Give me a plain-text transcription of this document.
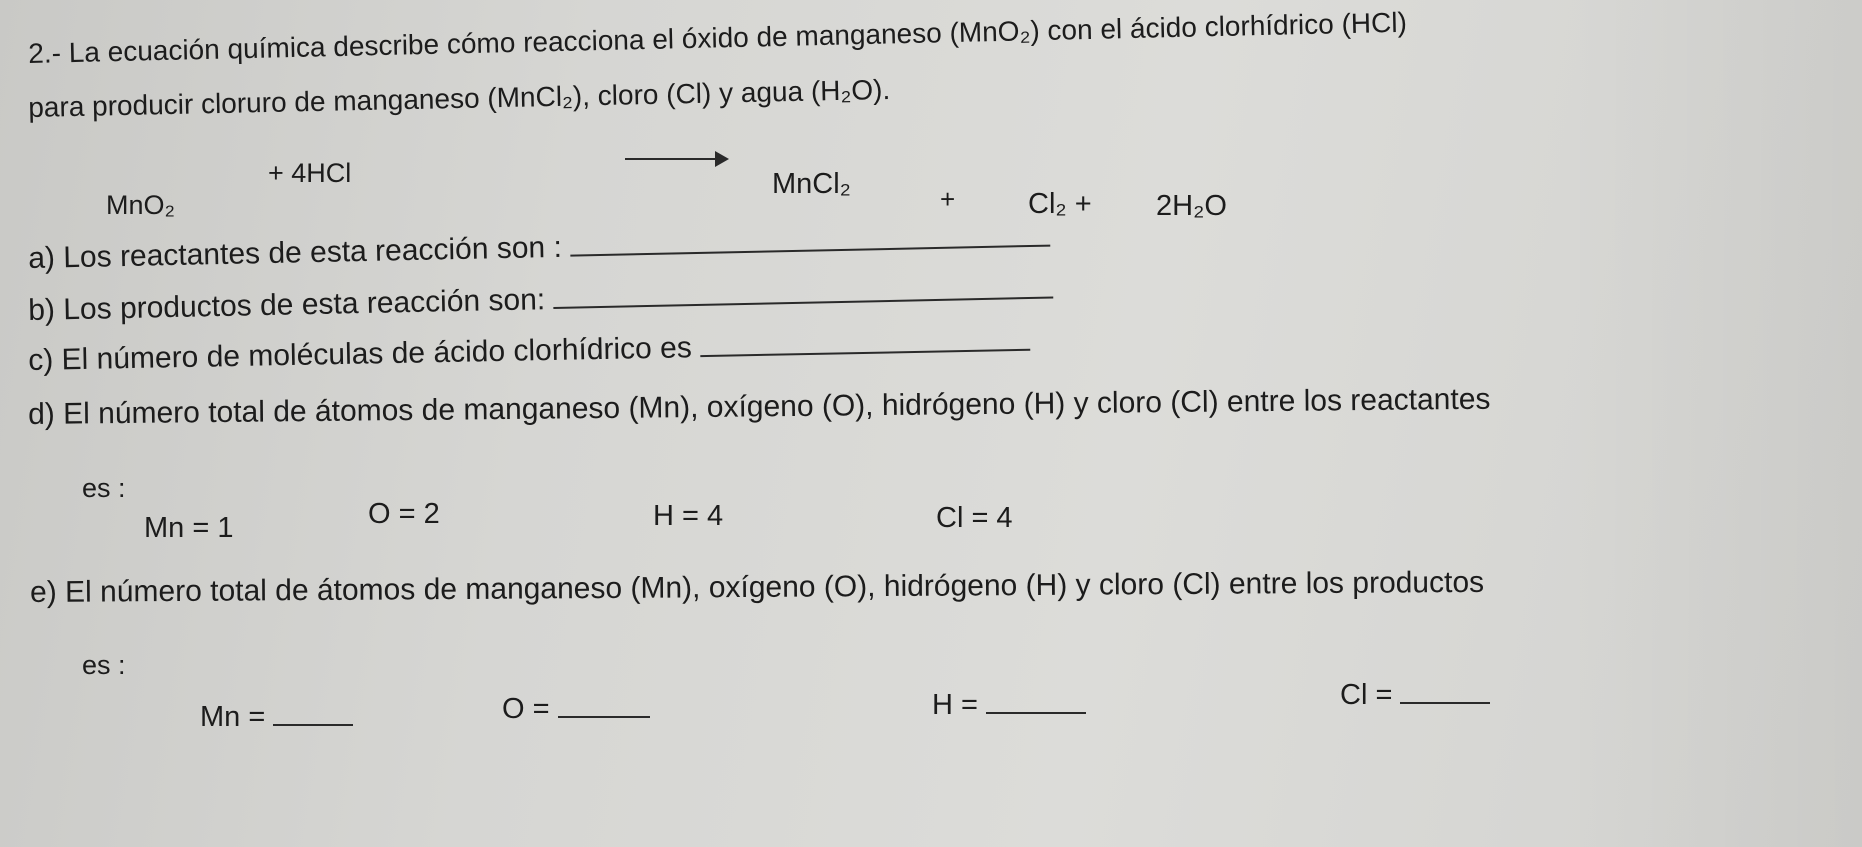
2.- La ecuación química describe cómo reacciona el óxido de manganeso (MnO₂) con el ácido clorhídrico (HCl)
para producir cloruro de manganeso (MnCl₂), cloro (Cl) y agua (H₂O).
MnO₂
+ 4HCl	MnCl₂	+	Cl₂ + 2H₂O
a) Los reactantes de esta reacción son :
b) Los productos de esta reacción son:
c) El número de moléculas de ácido clorhídrico es
d) El número total de átomos de manganeso (Mn), oxígeno (O), hidrógeno (H) y cloro (Cl) entre los reactantes
es :
Mn = 1	O = 2	H = 4	Cl = 4
e) El número total de átomos de manganeso (Mn), oxígeno (O), hidrógeno (H) y cloro (Cl) entre los productos
es :
Mn =	O =	H =	Cl =
